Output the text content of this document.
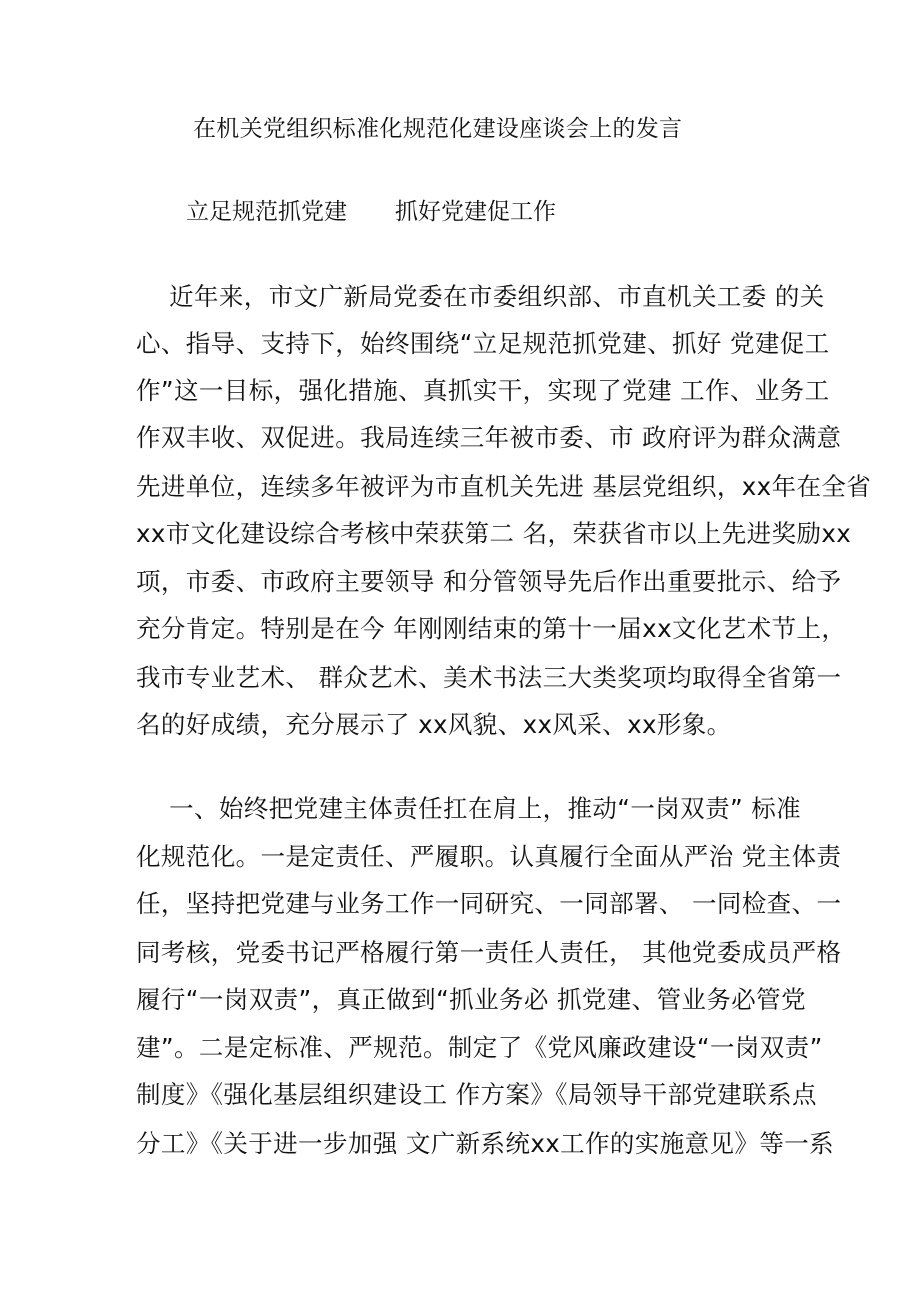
在机关党组织标准化规范化建设座谈会上的发言
立足规范抓党建 抓好党建促工作
　 近年来，市文广新局党委在市委组织部、市直机关工委 的关
心、指导、支持下，始终围绕“立足规范抓党建、抓好 党建促工
作”这一目标，强化措施、真抓实干，实现了党建 工作、业务工
作双丰收、双促进。我局连续三年被市委、市 政府评为群众满意
先进单位，连续多年被评为市直机关先进 基层党组织，xx年在全省
xx市文化建设综合考核中荣获第二 名，荣获省市以上先进奖励xx
项，市委、市政府主要领导 和分管领导先后作出重要批示、给予
充分肯定。特别是在今 年刚刚结束的第十一届xx文化艺术节上，
我市专业艺术、 群众艺术、美术书法三大类奖项均取得全省第一
名的好成绩，充分展示了 xx风貌、xx风采、xx形象。
　 一、始终把党建主体责任扛在肩上，推动“一岗双责” 标准
化规范化。一是定责任、严履职。认真履行全面从严治 党主体责
任，坚持把党建与业务工作一同研究、一同部署、 一同检查、一
同考核，党委书记严格履行第一责任人责任， 其他党委成员严格
履行“一岗双责”，真正做到“抓业务必 抓党建、管业务必管党
建”。二是定标准、严规范。制定了《党风廉政建设“一岗双责”
制度》《强化基层组织建设工 作方案》《局领导干部党建联系点
分工》《关于进一步加强 文广新系统xx工作的实施意见》等一系
